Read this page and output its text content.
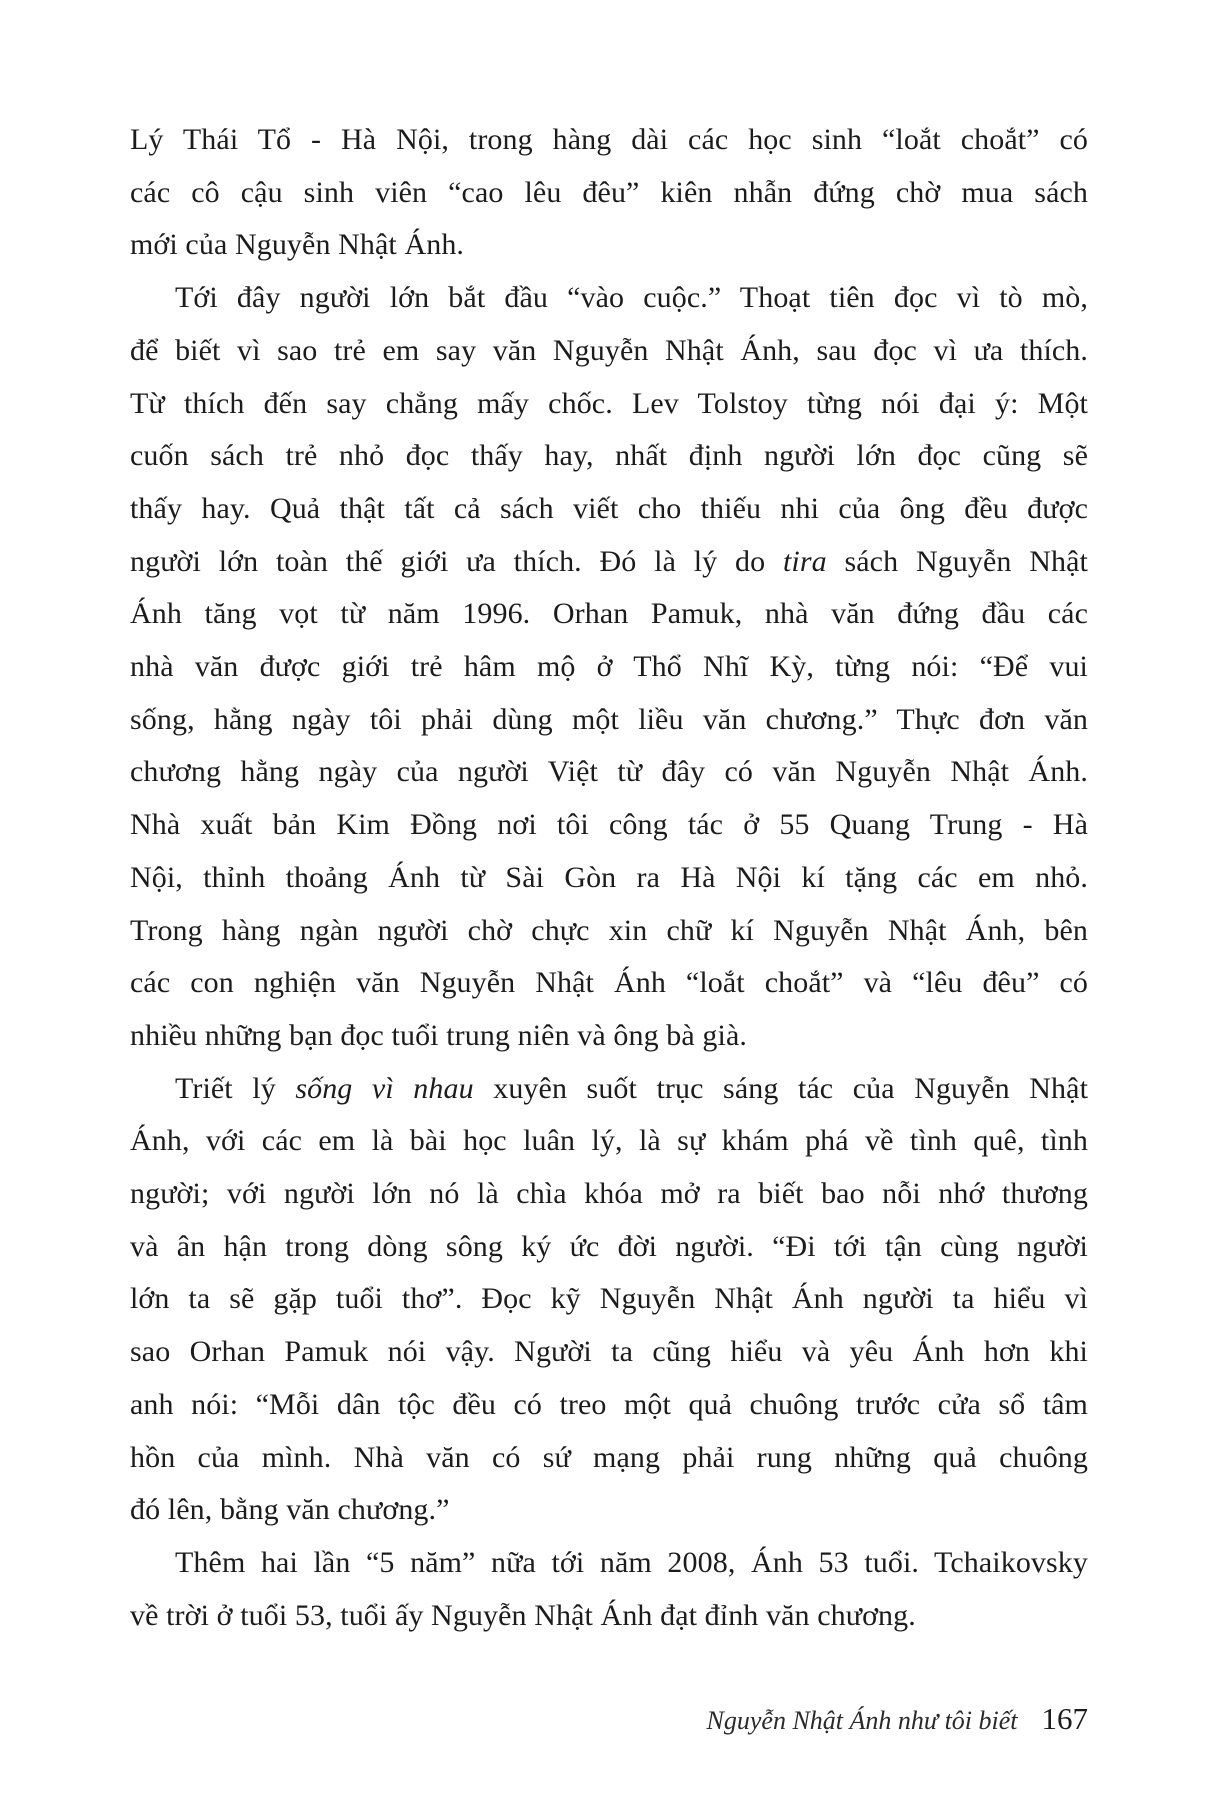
Lý Thái Tổ - Hà Nội, trong hàng dài các học sinh “loắt choắt” có
các cô cậu sinh viên “cao lêu đêu” kiên nhẫn đứng chờ mua sách
mới của Nguyễn Nhật Ánh.
Tới đây người lớn bắt đầu “vào cuộc.” Thoạt tiên đọc vì tò mò,
để biết vì sao trẻ em say văn Nguyễn Nhật Ánh, sau đọc vì ưa thích.
Từ thích đến say chẳng mấy chốc. Lev Tolstoy từng nói đại ý: Một
cuốn sách trẻ nhỏ đọc thấy hay, nhất định người lớn đọc cũng sẽ
thấy hay. Quả thật tất cả sách viết cho thiếu nhi của ông đều được
người lớn toàn thế giới ưa thích. Đó là lý do tira sách Nguyễn Nhật
Ánh tăng vọt từ năm 1996. Orhan Pamuk, nhà văn đứng đầu các
nhà văn được giới trẻ hâm mộ ở Thổ Nhĩ Kỳ, từng nói: “Để vui
sống, hằng ngày tôi phải dùng một liều văn chương.” Thực đơn văn
chương hằng ngày của người Việt từ đây có văn Nguyễn Nhật Ánh.
Nhà xuất bản Kim Đồng nơi tôi công tác ở 55 Quang Trung - Hà
Nội, thỉnh thoảng Ánh từ Sài Gòn ra Hà Nội kí tặng các em nhỏ.
Trong hàng ngàn người chờ chực xin chữ kí Nguyễn Nhật Ánh, bên
các con nghiện văn Nguyễn Nhật Ánh “loắt choắt” và “lêu đêu” có
nhiều những bạn đọc tuổi trung niên và ông bà già.
Triết lý sống vì nhau xuyên suốt trục sáng tác của Nguyễn Nhật
Ánh, với các em là bài học luân lý, là sự khám phá về tình quê, tình
người; với người lớn nó là chìa khóa mở ra biết bao nỗi nhớ thương
và ân hận trong dòng sông ký ức đời người. “Đi tới tận cùng người
lớn ta sẽ gặp tuổi thơ”. Đọc kỹ Nguyễn Nhật Ánh người ta hiểu vì
sao Orhan Pamuk nói vậy. Người ta cũng hiểu và yêu Ánh hơn khi
anh nói: “Mỗi dân tộc đều có treo một quả chuông trước cửa sổ tâm
hồn của mình. Nhà văn có sứ mạng phải rung những quả chuông
đó lên, bằng văn chương.”
Thêm hai lần “5 năm” nữa tới năm 2008, Ánh 53 tuổi. Tchaikovsky
về trời ở tuổi 53, tuổi ấy Nguyễn Nhật Ánh đạt đỉnh văn chương.
Nguyễn Nhật Ánh như tôi biết 167
